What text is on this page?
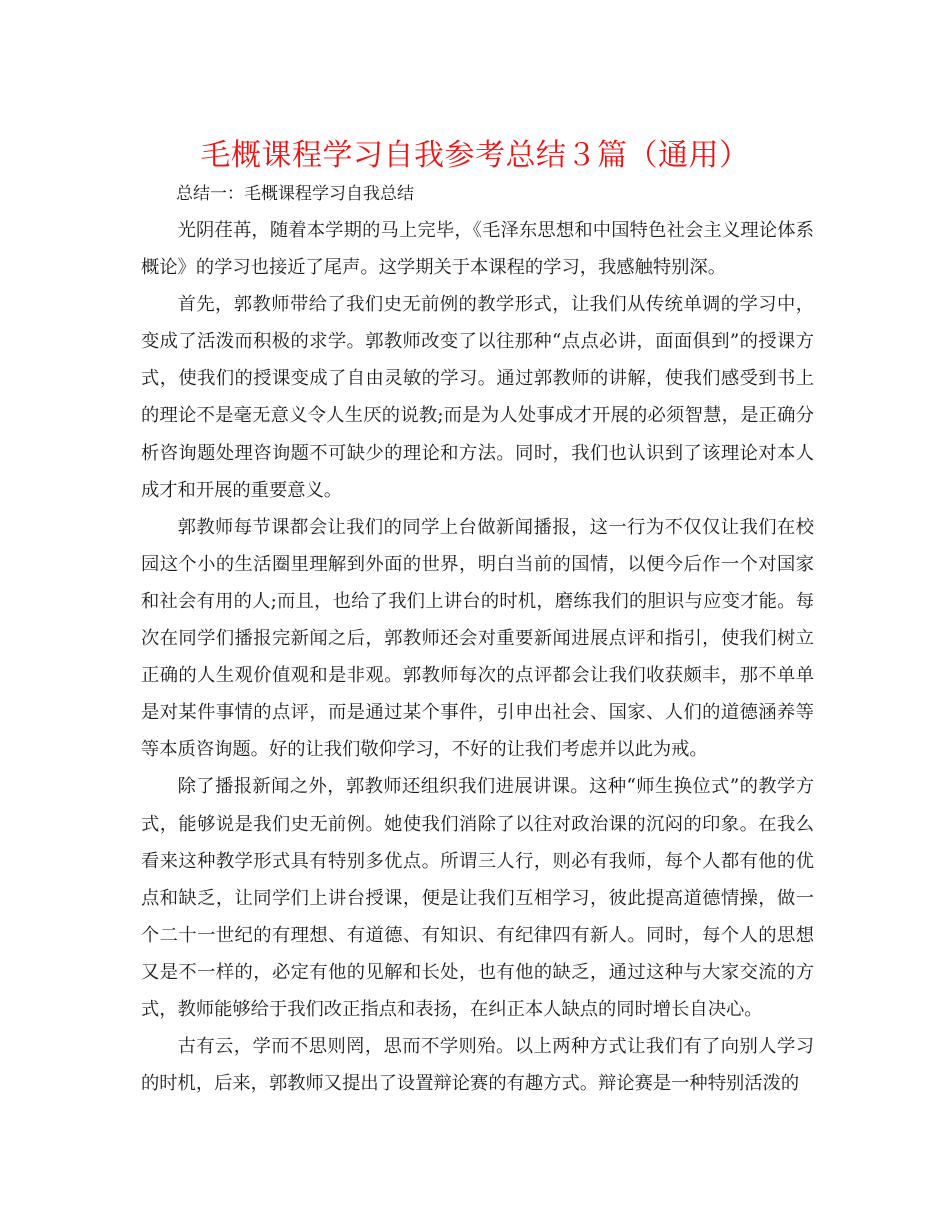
毛概课程学习自我参考总结３篇（通用）
总结一：毛概课程学习自我总结

光阴荏苒，随着本学期的马上完毕，《毛泽东思想和中国特色社会主义理论体系概论》的学习也接近了尾声。这学期关于本课程的学习，我感触特别深。

首先，郭教师带给了我们史无前例的教学形式，让我们从传统单调的学习中，变成了活泼而积极的求学。郭教师改变了以往那种“点点必讲，面面俱到”的授课方式，使我们的授课变成了自由灵敏的学习。通过郭教师的讲解，使我们感受到书上的理论不是毫无意义令人生厌的说教;而是为人处事成才开展的必须智慧，是正确分析咨询题处理咨询题不可缺少的理论和方法。同时，我们也认识到了该理论对本人成才和开展的重要意义。

郭教师每节课都会让我们的同学上台做新闻播报，这一行为不仅仅让我们在校园这个小的生活圈里理解到外面的世界，明白当前的国情，以便今后作一个对国家和社会有用的人;而且，也给了我们上讲台的时机，磨练我们的胆识与应变才能。每次在同学们播报完新闻之后，郭教师还会对重要新闻进展点评和指引，使我们树立正确的人生观价值观和是非观。郭教师每次的点评都会让我们收获颇丰，那不单单是对某件事情的点评，而是通过某个事件，引申出社会、国家、人们的道德涵养等等本质咨询题。好的让我们敬仰学习，不好的让我们考虑并以此为戒。

除了播报新闻之外，郭教师还组织我们进展讲课。这种“师生换位式”的教学方式，能够说是我们史无前例。她使我们消除了以往对政治课的沉闷的印象。在我么看来这种教学形式具有特别多优点。所谓三人行，则必有我师，每个人都有他的优点和缺乏，让同学们上讲台授课，便是让我们互相学习，彼此提高道德情操，做一个二十一世纪的有理想、有道德、有知识、有纪律四有新人。同时，每个人的思想又是不一样的，必定有他的见解和长处，也有他的缺乏，通过这种与大家交流的方式，教师能够给于我们改正指点和表扬，在纠正本人缺点的同时增长自决心。

古有云，学而不思则罔，思而不学则殆。以上两种方式让我们有了向别人学习的时机，后来，郭教师又提出了设置辩论赛的有趣方式。辩论赛是一种特别活泼的
